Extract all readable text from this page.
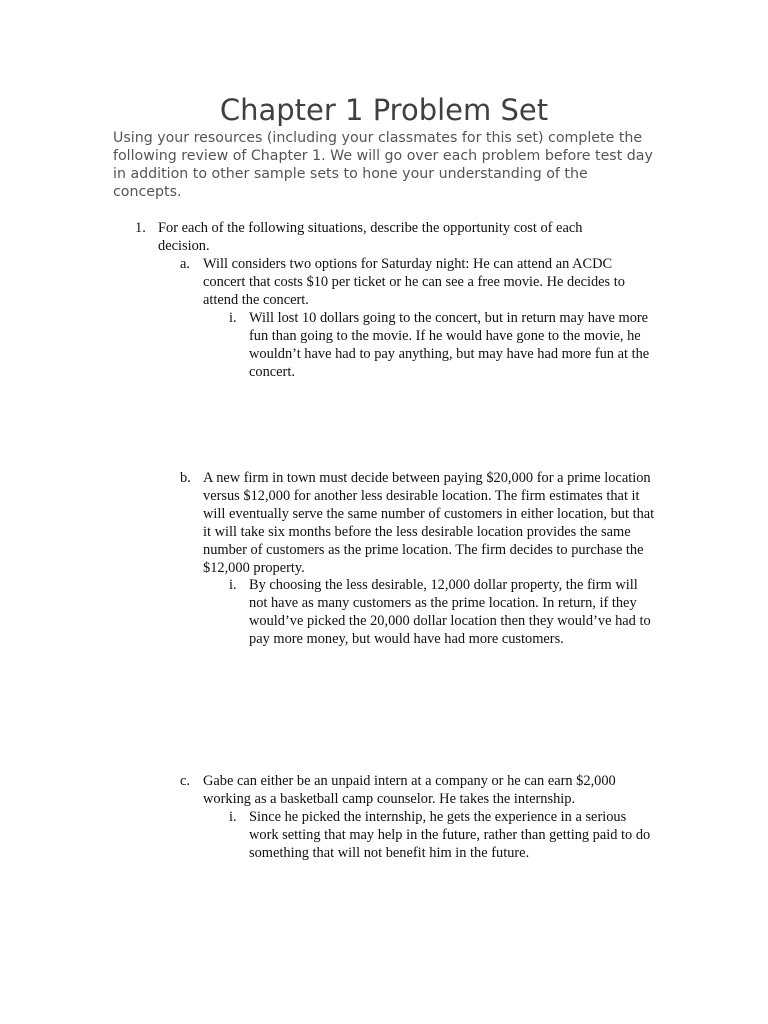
Chapter 1 Problem Set

Using your resources (including your classmates for this set) complete the following review of Chapter 1. We will go over each problem before test day in addition to other sample sets to hone your understanding of the concepts.

1. For each of the following situations, describe the opportunity cost of each decision.

a. Will considers two options for Saturday night: He can attend an ACDC concert that costs $10 per ticket or he can see a free movie. He decides to attend the concert.

i. Will lost 10 dollars going to the concert, but in return may have more fun than going to the movie. If he would have gone to the movie, he wouldn’t have had to pay anything, but may have had more fun at the concert.

b. A new firm in town must decide between paying $20,000 for a prime location versus $12,000 for another less desirable location. The firm estimates that it will eventually serve the same number of customers in either location, but that it will take six months before the less desirable location provides the same number of customers as the prime location. The firm decides to purchase the $12,000 property.

i. By choosing the less desirable, 12,000 dollar property, the firm will not have as many customers as the prime location. In return, if they would’ve picked the 20,000 dollar location then they would’ve had to pay more money, but would have had more customers.

c. Gabe can either be an unpaid intern at a company or he can earn $2,000 working as a basketball camp counselor. He takes the internship.

i. Since he picked the internship, he gets the experience in a serious work setting that may help in the future, rather than getting paid to do something that will not benefit him in the future.
